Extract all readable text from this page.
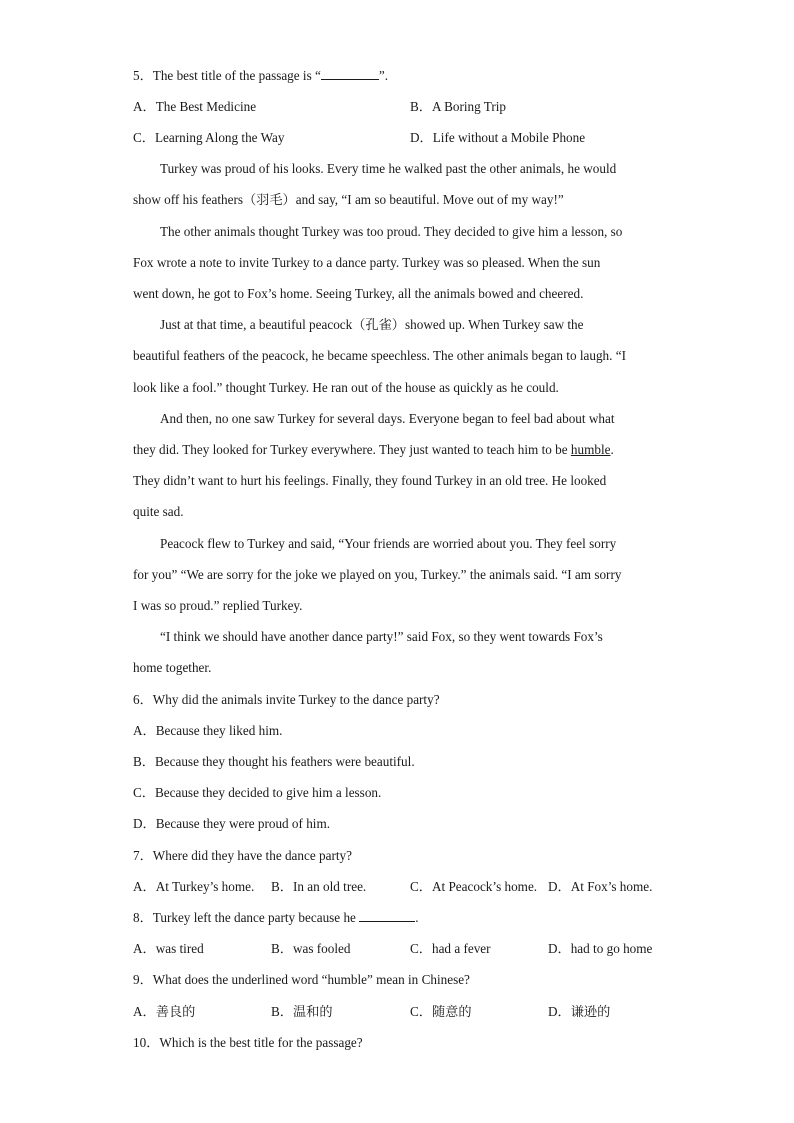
5．The best title of the passage is “	”.
A．The Best Medicine	B．A Boring Trip
C．Learning Along the Way	D．Life without a Mobile Phone
Turkey was proud of his looks. Every time he walked past the other animals, he would
show off his feathers（羽毛）and say, “I am so beautiful. Move out of my way!”
The other animals thought Turkey was too proud. They decided to give him a lesson, so
Fox wrote a note to invite Turkey to a dance party. Turkey was so pleased. When the sun
went down, he got to Fox’s home. Seeing Turkey, all the animals bowed and cheered.
Just at that time, a beautiful peacock（孔雀）showed up. When Turkey saw the
beautiful feathers of the peacock, he became speechless. The other animals began to laugh. “I
look like a fool.” thought Turkey. He ran out of the house as quickly as he could.
And then, no one saw Turkey for several days. Everyone began to feel bad about what
they did. They looked for Turkey everywhere. They just wanted to teach him to be humble.
They didn’t want to hurt his feelings. Finally, they found Turkey in an old tree. He looked
quite sad.
Peacock flew to Turkey and said, “Your friends are worried about you. They feel sorry
for you” “We are sorry for the joke we played on you, Turkey.” the animals said. “I am sorry
I was so proud.” replied Turkey.
“I think we should have another dance party!” said Fox, so they went towards Fox’s
home together.
6．Why did the animals invite Turkey to the dance party?
A．Because they liked him.
B．Because they thought his feathers were beautiful.
C．Because they decided to give him a lesson.
D．Because they were proud of him.
7．Where did they have the dance party?
A．At Turkey’s home. B．In an old tree.	C．At Peacock’s home. D．At Fox’s home.
8．Turkey left the dance party because he	.
A．was tired	B．was fooled	C．had a fever	D．had to go home
9．What does the underlined word “humble” mean in Chinese?
A．善良的	B．温和的	C．随意的	D．谦逊的
10．Which is the best title for the passage?
